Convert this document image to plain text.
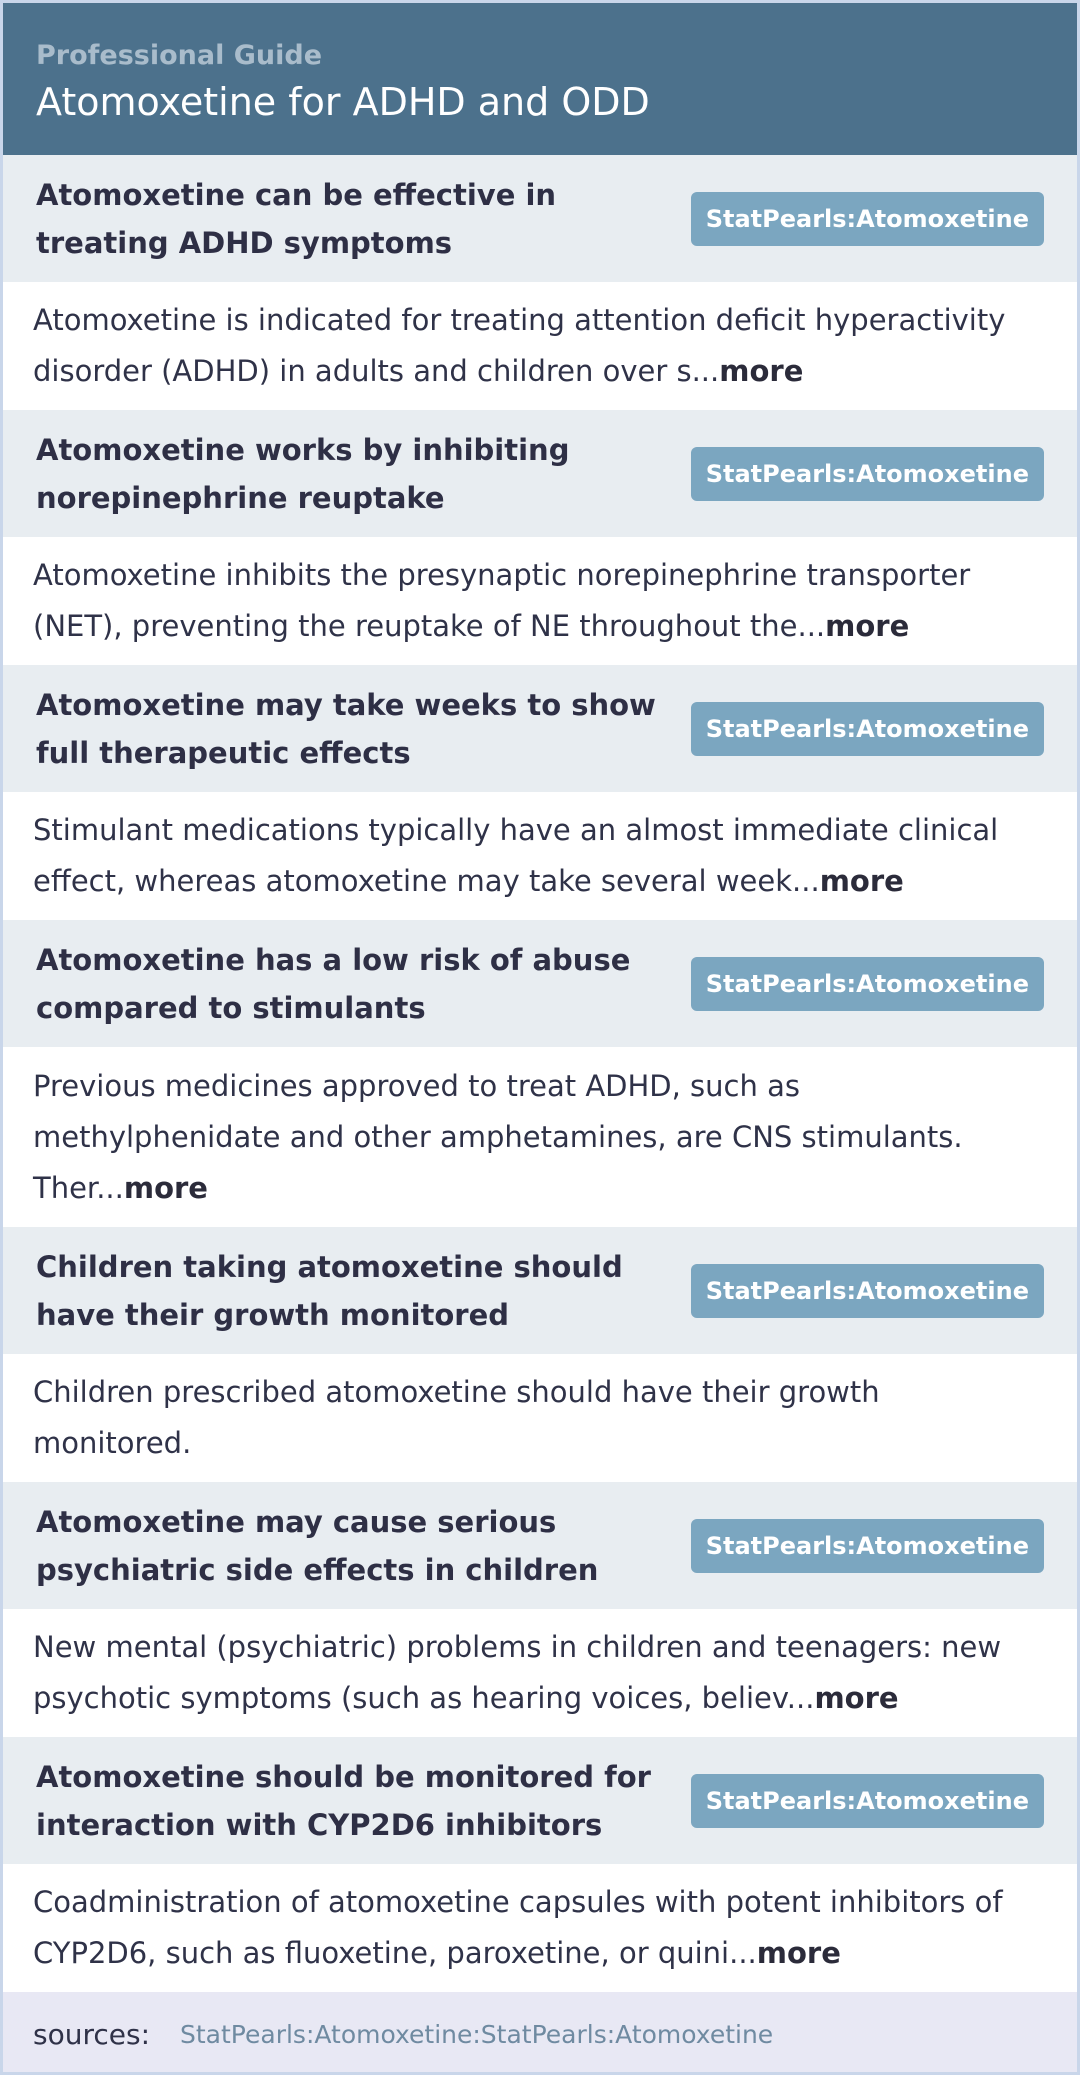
Professional Guide
Atomoxetine for ADHD and ODD
Atomoxetine can be effective in treating ADHD symptoms
StatPearls:Atomoxetine
Atomoxetine is indicated for treating attention deficit hyperactivity disorder (ADHD) in adults and children over s...more
Atomoxetine works by inhibiting norepinephrine reuptake
StatPearls:Atomoxetine
Atomoxetine inhibits the presynaptic norepinephrine transporter (NET), preventing the reuptake of NE throughout the...more
Atomoxetine may take weeks to show full therapeutic effects
StatPearls:Atomoxetine
Stimulant medications typically have an almost immediate clinical effect, whereas atomoxetine may take several week...more
Atomoxetine has a low risk of abuse compared to stimulants
StatPearls:Atomoxetine
Previous medicines approved to treat ADHD, such as methylphenidate and other amphetamines, are CNS stimulants. Ther...more
Children taking atomoxetine should have their growth monitored
StatPearls:Atomoxetine
Children prescribed atomoxetine should have their growth monitored.
Atomoxetine may cause serious psychiatric side effects in children
StatPearls:Atomoxetine
New mental (psychiatric) problems in children and teenagers: new psychotic symptoms (such as hearing voices, believ...more
Atomoxetine should be monitored for interaction with CYP2D6 inhibitors
StatPearls:Atomoxetine
Coadministration of atomoxetine capsules with potent inhibitors of CYP2D6, such as fluoxetine, paroxetine, or quini...more
sources: StatPearls:Atomoxetine:StatPearls:Atomoxetine
